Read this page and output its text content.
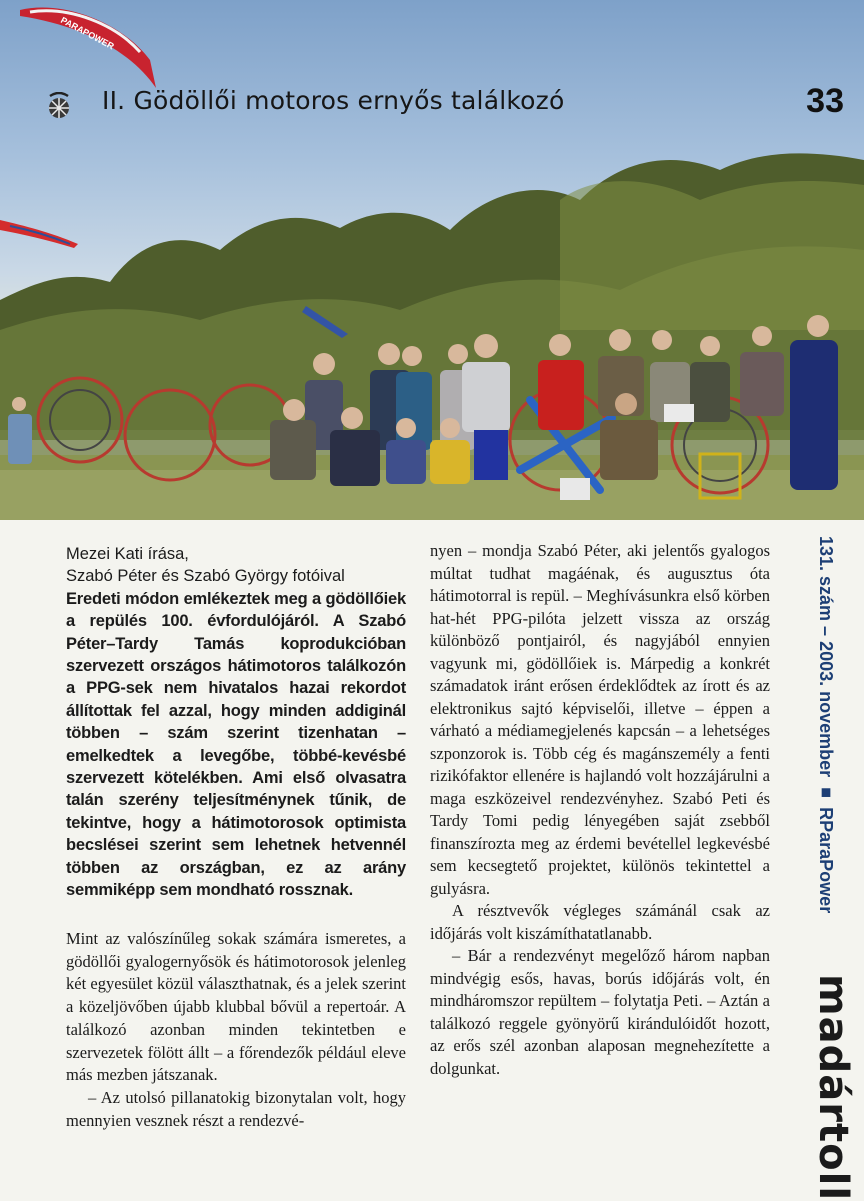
PARAPOWER
II. Gödöllői motoros ernyős találkozó	33
131. szám – 2003. november ■ RParaPower
madártoll

Mezei Kati írása,

Szabó Péter és Szabó György fotóival

Eredeti módon emlékeztek meg a gödöllőiek a repülés 100. évfordulójáról. A Szabó Péter–Tardy Tamás koprodukcióban szervezett országos hátimotoros találkozón a PPG-sek nem hivatalos hazai rekordot állítottak fel azzal, hogy minden addiginál többen – szám szerint tizenhatan – emelkedtek a levegőbe, többé-kevésbé szervezett kötelékben. Ami első olvasatra talán szerény teljesítménynek tűnik, de tekintve, hogy a hátimotorosok optimista becslései szerint sem lehetnek hetvennél többen az országban, ez az arány semmiképp sem mondható rossznak.

Mint az valószínűleg sokak számára ismeretes, a gödöllői gyalogernyősök és hátimotorosok jelenleg két egyesület közül választhatnak, és a jelek szerint a közeljövőben újabb klubbal bővül a repertoár. A találkozó azonban minden tekintetben e szervezetek fölött állt – a főrendezők például eleve más mezben játszanak.

– Az utolsó pillanatokig bizonytalan volt, hogy mennyien vesznek részt a rendezvé-

nyen – mondja Szabó Péter, aki jelentős gyalogos múltat tudhat magáénak, és augusztus óta hátimotorral is repül. – Meghívásunkra első körben hat-hét PPG-pilóta jelzett vissza az ország különböző pontjairól, és nagyjából ennyien vagyunk mi, gödöllőiek is. Márpedig a konkrét számadatok iránt erősen érdeklődtek az írott és az elektronikus sajtó képviselői, illetve – éppen a várható a médiamegjelenés kapcsán – a lehetséges szponzorok is. Több cég és magánszemély a fenti rizikófaktor ellenére is hajlandó volt hozzájárulni a maga eszközeivel rendezvényhez. Szabó Peti és Tardy Tomi pedig lényegében saját zsebből finanszírozta meg az érdemi bevétellel legkevésbé sem kecsegtető projektet, különös tekintettel a gulyásra.

A résztvevők végleges számánál csak az időjárás volt kiszámíthatatlanabb.

– Bár a rendezvényt megelőző három napban mindvégig esős, havas, borús időjárás volt, én mindháromszor repültem – folytatja Peti. – Aztán a találkozó reggele gyönyörű kirándulóidőt hozott, az erős szél azonban alaposan megnehezítette a dolgunkat.
